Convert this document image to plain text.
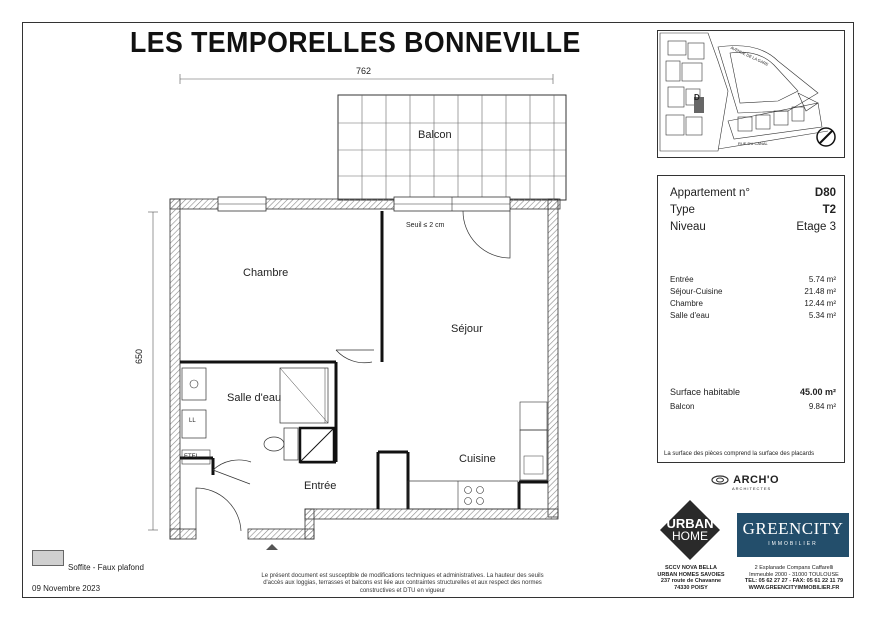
LES TEMPORELLES BONNEVILLE
762
650
Balcon
Chambre
Séjour
Salle d'eau
Cuisine
Entrée
Seuil ≤ 2 cm
LL
ETEL
Soffite - Faux plafond
09 Novembre 2023
Le présent document est susceptible de modifications techniques et administratives. La hauteur des seuils d'accès aux loggias, terrasses et balcons est liée aux contraintes structurelles et aux respect des normes constructives et DTU en vigueur
D
AVENUE DE LA GARE
RUE DU CANAL
Appartement n°	D80
Type	T2
Niveau	Etage 3
Entrée	5.74 m²
Séjour-Cuisine	21.48 m²
Chambre	12.44 m²
Salle d'eau	5.34 m²
Surface habitable	45.00 m²
Balcon	9.84 m²
La surface des pièces comprend la surface des placards
ARCH'O
ARCHITECTES
URBAN
HOME
SCCV NOVA BELLA
URBAN HOMES SAVOIES
237 route de Chavanne
74330 POISY
GREENCITY
IMMOBILIER
2 Esplanade Compans Caffarelli
Immeuble 2000 - 31000 TOULOUSE
TEL: 05 62 27 27 - FAX: 05 61 22 11 79
WWW.GREENCITYIMMOBILIER.FR
